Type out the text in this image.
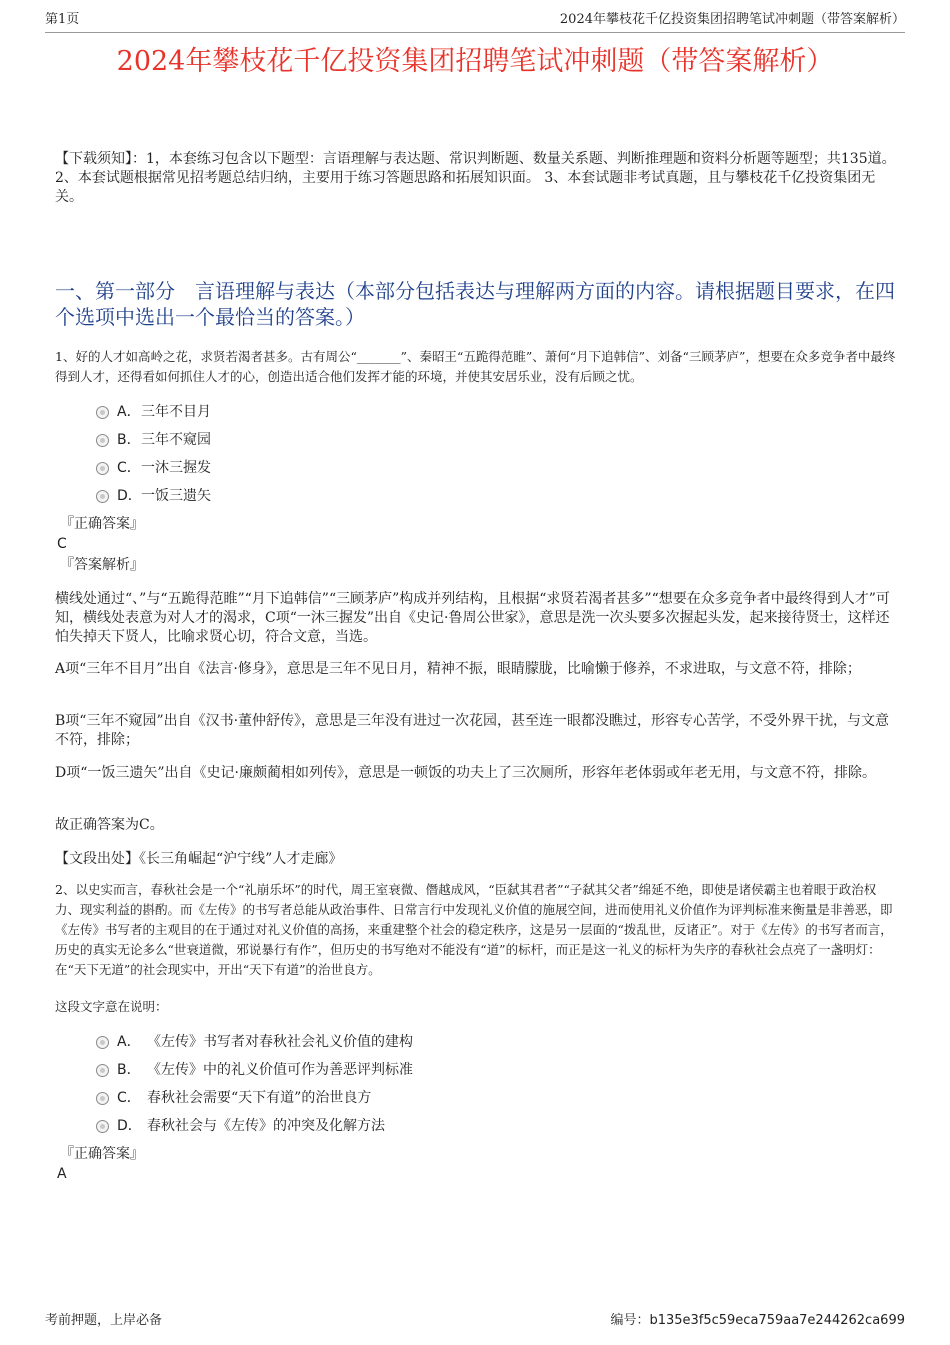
第1页	2024年攀枝花千亿投资集团招聘笔试冲刺题（带答案解析）
2024年攀枝花千亿投资集团招聘笔试冲刺题（带答案解析）

【下载须知】：1，本套练习包含以下题型：言语理解与表达题、常识判断题、数量关系题、判断推理题和资料分析题等题型；共135道。 2、本套试题根据常见招考题总结归纳，主要用于练习答题思路和拓展知识面。 3、本套试题非考试真题，且与攀枝花千亿投资集团无关。

一、第一部分　言语理解与表达（本部分包括表达与理解两方面的内容。请根据题目要求，在四个选项中选出一个最恰当的答案。）

1、好的人才如高岭之花，求贤若渴者甚多。古有周公“_______”、秦昭王“五跪得范睢”、萧何“月下追韩信”、刘备“三顾茅庐”，想要在众多竞争者中最终得到人才，还得看如何抓住人才的心，创造出适合他们发挥才能的环境，并使其安居乐业，没有后顾之忧。

A． 三年不目月
B． 三年不窥园
C． 一沐三握发
D． 一饭三遗矢
『正确答案』
C
『答案解析』

横线处通过“、”与“五跪得范睢”“月下追韩信”“三顾茅庐”构成并列结构，且根据“求贤若渴者甚多”“想要在众多竞争者中最终得到人才”可知，横线处表意为对人才的渴求，C项“一沐三握发”出自《史记·鲁周公世家》，意思是洗一次头要多次握起头发，起来接待贤士，这样还怕失掉天下贤人，比喻求贤心切，符合文意，当选。

A项“三年不目月”出自《法言·修身》，意思是三年不见日月，精神不振，眼睛朦胧，比喻懒于修养，不求进取，与文意不符，排除；

B项“三年不窥园”出自《汉书·董仲舒传》，意思是三年没有进过一次花园，甚至连一眼都没瞧过，形容专心苦学，不受外界干扰，与文意不符，排除；

D项“一饭三遗矢”出自《史记·廉颇蔺相如列传》，意思是一顿饭的功夫上了三次厕所，形容年老体弱或年老无用，与文意不符，排除。

故正确答案为C。

【文段出处】《长三角崛起“沪宁线”人才走廊》

2、以史实而言，春秋社会是一个“礼崩乐坏”的时代，周王室衰微、僭越成风，“臣弑其君者”“子弑其父者”绵延不绝，即使是诸侯霸主也着眼于政治权力、现实利益的斟酌。而《左传》的书写者总能从政治事件、日常言行中发现礼义价值的施展空间，进而使用礼义价值作为评判标准来衡量是非善恶，即《左传》书写者的主观目的在于通过对礼义价值的高扬，来重建整个社会的稳定秩序，这是另一层面的“拨乱世，反诸正”。对于《左传》的书写者而言，历史的真实无论多么“世衰道微，邪说暴行有作”，但历史的书写绝对不能没有“道”的标杆，而正是这一礼义的标杆为失序的春秋社会点亮了一盏明灯：在“天下无道”的社会现实中，开出“天下有道”的治世良方。

这段文字意在说明：

A． 《左传》书写者对春秋社会礼义价值的建构
B． 《左传》中的礼义价值可作为善恶评判标准
C． 春秋社会需要“天下有道”的治世良方
D． 春秋社会与《左传》的冲突及化解方法
『正确答案』
A
考前押题，上岸必备	编号：b135e3f5c59eca759aa7e244262ca699
